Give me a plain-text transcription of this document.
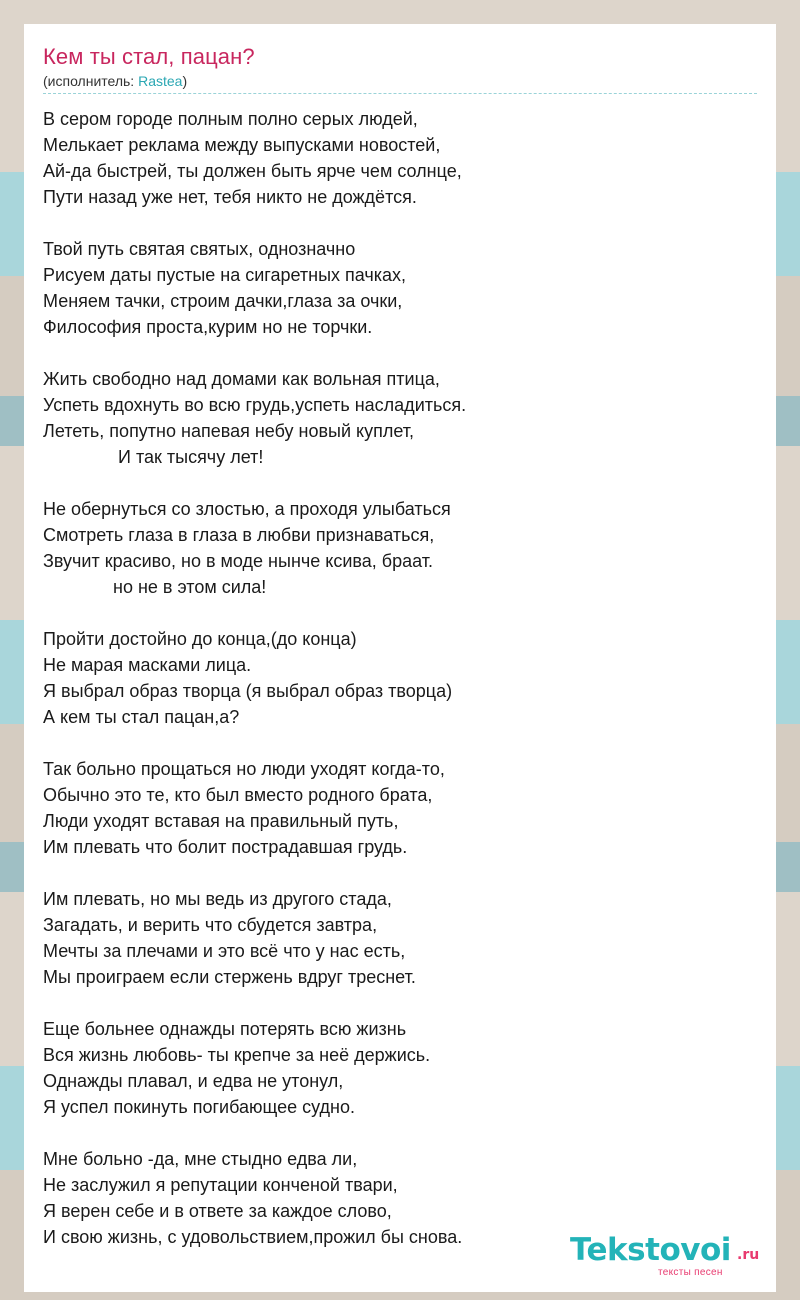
Кем ты стал, пацан?
(исполнитель: Rastea)
В сером городе полным полно серых людей,
Мелькает реклама между выпусками новостей,
Ай-да быстрей, ты должен быть ярче чем солнце,
Пути назад уже нет, тебя никто не дождётся.
Твой путь святая святых, однозначно
Рисуем даты пустые на сигаретных пачках,
Меняем тачки, строим дачки,глаза за очки,
Философия проста,курим но не торчки.
Жить свободно над домами как вольная птица,
Успеть вдохнуть во всю грудь,успеть насладиться.
Лететь, попутно напевая небу новый куплет,
И так тысячу лет!
Не обернуться со злостью, а проходя улыбаться
Смотреть глаза в глаза в любви признаваться,
Звучит красиво, но в моде нынче ксива, браат.
но не в этом сила!
Пройти достойно до конца,(до конца)
Не марая масками лица.
Я выбрал образ творца (я выбрал образ творца)
А кем ты стал пацан,а?
Так больно прощаться но люди уходят когда-то,
Обычно это те, кто был вместо родного брата,
Люди уходят вставая на правильный путь,
Им плевать что болит пострадавшая грудь.
Им плевать, но мы ведь из другого стада,
Загадать, и верить что сбудется завтра,
Мечты за плечами и это всё что у нас есть,
Мы проиграем если стержень вдруг треснет.
Еще больнее однажды потерять всю жизнь
Вся жизнь любовь- ты крепче за неё держись.
Однажды плавал, и едва не утонул,
Я успел покинуть погибающее судно.
Мне больно -да, мне стыдно едва ли,
Не заслужил я репутации конченой твари,
Я верен себе и в ответе за каждое слово,
И свою жизнь, с удовольствием,прожил бы снова.	Tekstovoi .ru
тексты песен
